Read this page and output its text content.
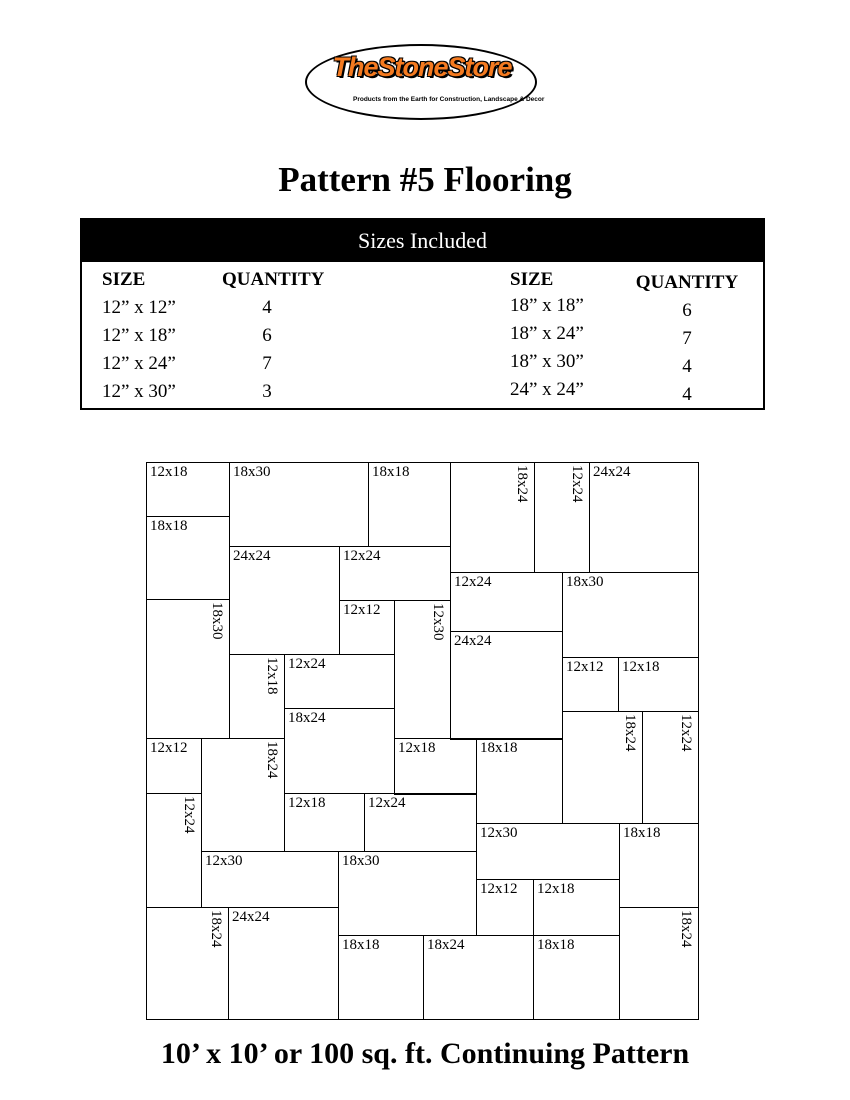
TheStoneStore
Products from the Earth for Construction, Landscape & Decor
Pattern #5 Flooring
Sizes Included
SIZE	QUANTITY	SIZE	QUANTITY
12” x 12”	4	18” x 18”	6
12” x 18”	6	18” x 24”	7
12” x 24”	7	18” x 30”	4
12” x 30”	3	24” x 24”	4
12x18
18x18
18x30
18x30	18x18
24x24	12x24
12x12	12x30
12x18 12x24
18x24
18x24	12x24 24x24
12x24	18x30
24x24
12x12 12x18
18x24	12x24
12x12	18x24	12x18	18x18
12x24	12x18	12x24
12x30	18x18
12x30	18x30
12x12 12x18
18x24 24x24
18x18	18x24	18x18	18x24
10’ x 10’ or 100 sq. ft. Continuing Pattern
